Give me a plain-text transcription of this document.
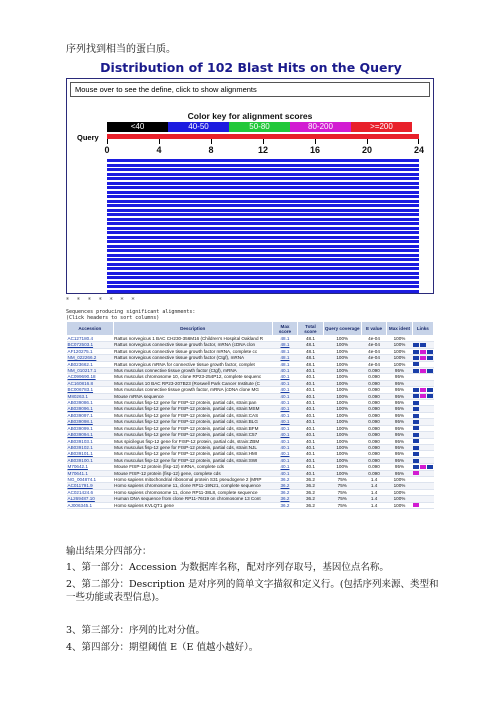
序列找到相当的蛋白质。
Distribution of 102 Blast Hits on the Query
Mouse over to see the define, click to show alignments
Color key for alignment scores
<40	40-50	50-80	80-200	>=200
Query
0	4	8	12	16	20	24
* * * * * * *
Sequences producing significant alignments:
(Click headers to sort columns)
Accession	Description	Max score	Total score	Query coverage	E value	Max ident	Links
AC127180.4	Rattus norvegicus 1 BAC CH230-356M16 (Children's Hospital Oakland R	48.1	48.1	100%	4e-04	100%	
BC072503.1	Rattus norvegicus connective tissue growth factor, mRNA (cDNA clon	48.1	48.1	100%	4e-04	100%	
AF120275.1	Rattus norvegicus connective tissue growth factor mRNA, complete cc	48.1	48.1	100%	4e-04	100%	
NM_022266.2	Rattus norvegicus connective tissue growth factor (Ctgf), mRNA	48.1	48.1	100%	4e-04	100%	
AB023662.1	Rattus norvegicus mRNA for connective tissue growth factor, complet	48.1	48.1	100%	4e-04	100%	
NM_010217.1	Mus musculus connective tissue growth factor (Ctgf), mRNA	40.1	40.1	100%	0.090	95%	
AC099690.18	Mus musculus chromosome 10, clone RP23-254P12, complete sequenc	40.1	40.1	100%	0.090	95%	
AC160816.8	Mus musculus 10 BAC RP23-207B23 (Roswell Park Cancer Institute (C	40.1	40.1	100%	0.090	95%	
BC006783.1	Mus musculus connective tissue growth factor, mRNA (cDNA clone MG	40.1	40.1	100%	0.090	95%	
M80263.1	Mouse mRNA sequence	40.1	40.1	100%	0.090	95%	
AB039086.1	Mus musculus fisp-12 gene for FISP-12 protein, partial cds, strain:pan	40.1	40.1	100%	0.090	95%	
AB039096.1	Mus musculus fisp-12 gene for FISP-12 protein, partial cds, strain:MSM	40.1	40.1	100%	0.090	95%	
AB039097.1	Mus musculus fisp-12 gene for FISP-12 protein, partial cds, strain:CAS	40.1	40.1	100%	0.090	95%	
AB039098.1	Mus musculus fisp-12 gene for FISP-12 protein, partial cds, strain:BLG	40.1	40.1	100%	0.090	95%	
AB039099.1	Mus musculus fisp-12 gene for FISP-12 protein, partial cds, strain:BFM	40.1	40.1	100%	0.090	95%	
AB039094.1	Mus musculus fisp-12 gene for FISP-12 protein, partial cds, strain:C57	40.1	40.1	100%	0.090	95%	
AB039103.1	Mus spicilegus fisp-12 gene for FISP-12 protein, partial cds, strain:ZBM	40.1	40.1	100%	0.090	95%	
AB039102.1	Mus musculus fisp-12 gene for FISP-12 protein, partial cds, strain:NJL	40.1	40.1	100%	0.090	95%	
AB039101.1	Mus musculus fisp-12 gene for FISP-12 protein, partial cds, strain:HMI	40.1	40.1	100%	0.090	95%	
AB039100.1	Mus musculus fisp-12 gene for FISP-12 protein, partial cds, strain:SWI	40.1	40.1	100%	0.090	95%	
M70642.1	Mouse FISP-12 protein (fisp-12) mRNA, complete cds	40.1	40.1	100%	0.090	95%	
M70641.1	Mouse FISP-12 protein (fisp-12) gene, complete cds	40.1	40.1	100%	0.090	95%	
NG_004874.1	Homo sapiens mitochondrial ribosomal protein S31 pseudogene 2 (MRP	36.2	36.2	75%	1.4	100%	
AC011791.9	Homo sapiens chromosome 11, clone RP11-19N21, complete sequence	36.2	36.2	75%	1.4	100%	
AC021424.6	Homo sapiens chromosome 11, clone RP11-38L8, complete sequence	36.2	36.2	75%	1.4	100%	
AL269487.10	Human DNA sequence from clone RP11-76I19 on chromosome 13 Cont	36.2	36.2	75%	1.4	100%	
AJ006345.1	Homo sapiens KVLQT1 gene	36.2	36.2	75%	1.4	100%	
输出结果分四部分：
1、第一部分：Accession 为数据库名称，配对序列存取号，基因位点名称。
2、第二部分：Description 是对序列的简单文字描叙和定义行。(包括序列来源、类型和一些功能或表型信息)。
3、第三部分：序列的比对分值。
4、第四部分：期望阈值 E（E 值越小越好）。
